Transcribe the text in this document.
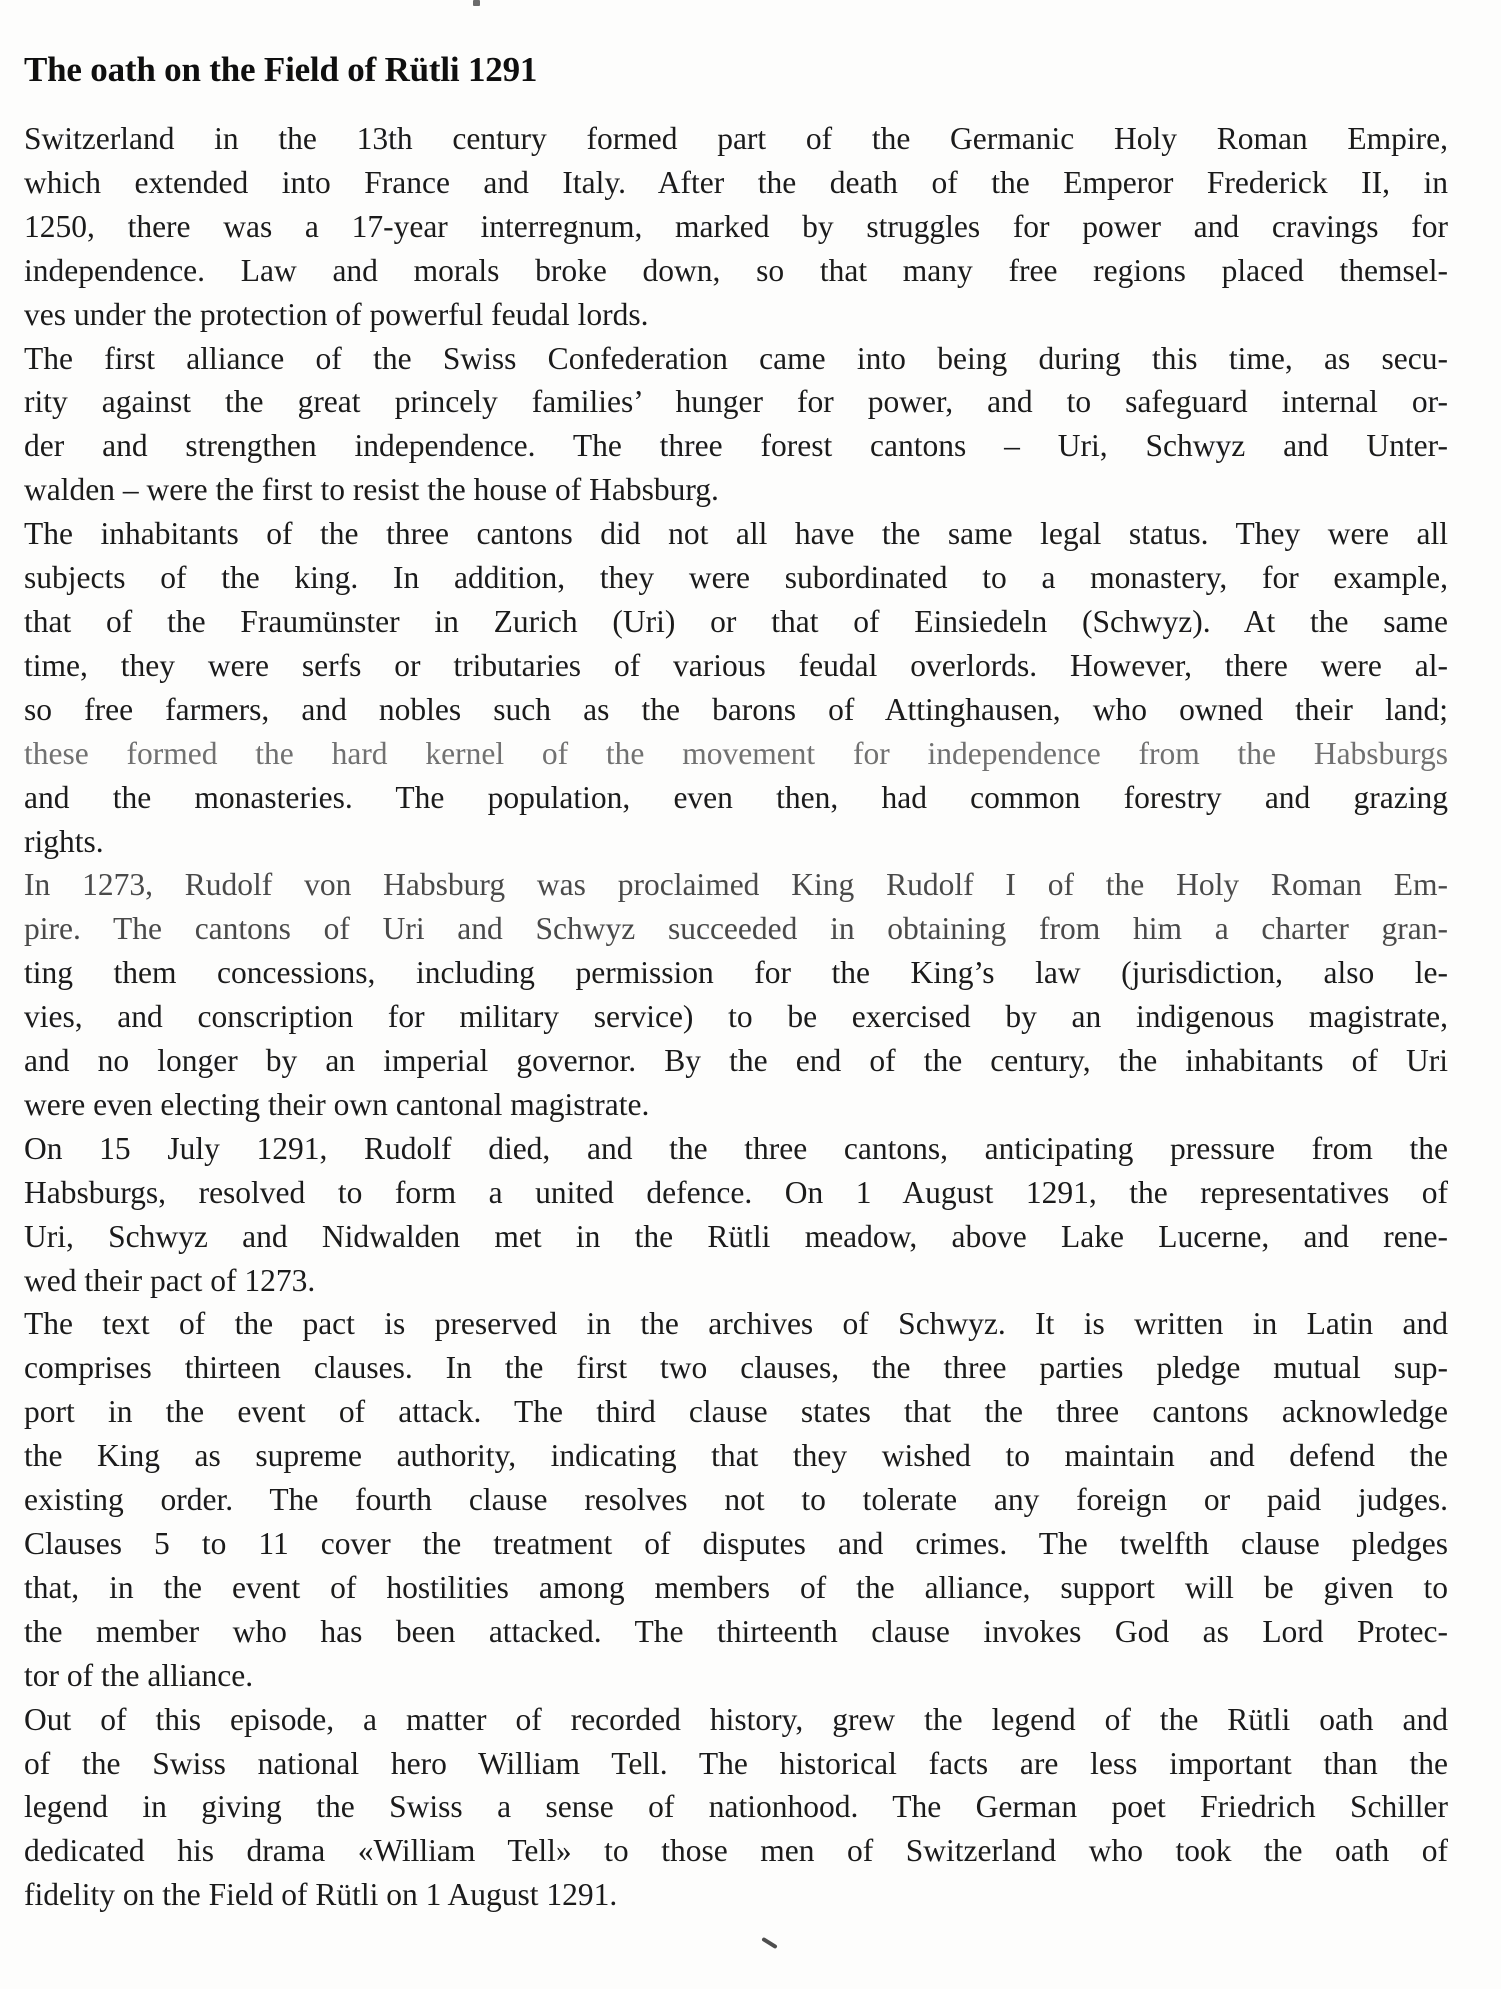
The oath on the Field of Rütli 1291
Switzerland in the 13th century formed part of the Germanic Holy Roman Empire,
which extended into France and Italy. After the death of the Emperor Frederick II, in
1250, there was a 17-year interregnum, marked by struggles for power and cravings for
independence. Law and morals broke down, so that many free regions placed themsel-
ves under the protection of powerful feudal lords.
The first alliance of the Swiss Confederation came into being during this time, as secu-
rity against the great princely families’ hunger for power, and to safeguard internal or-
der and strengthen independence. The three forest cantons – Uri, Schwyz and Unter-
walden – were the first to resist the house of Habsburg.
The inhabitants of the three cantons did not all have the same legal status. They were all
subjects of the king. In addition, they were subordinated to a monastery, for example,
that of the Fraumünster in Zurich (Uri) or that of Einsiedeln (Schwyz). At the same
time, they were serfs or tributaries of various feudal overlords. However, there were al-
so free farmers, and nobles such as the barons of Attinghausen, who owned their land;
these formed the hard kernel of the movement for independence from the Habsburgs
and the monasteries. The population, even then, had common forestry and grazing
rights.
In 1273, Rudolf von Habsburg was proclaimed King Rudolf I of the Holy Roman Em-
pire. The cantons of Uri and Schwyz succeeded in obtaining from him a charter gran-
ting them concessions, including permission for the King’s law (jurisdiction, also le-
vies, and conscription for military service) to be exercised by an indigenous magistrate,
and no longer by an imperial governor. By the end of the century, the inhabitants of Uri
were even electing their own cantonal magistrate.
On 15 July 1291, Rudolf died, and the three cantons, anticipating pressure from the
Habsburgs, resolved to form a united defence. On 1 August 1291, the representatives of
Uri, Schwyz and Nidwalden met in the Rütli meadow, above Lake Lucerne, and rene-
wed their pact of 1273.
The text of the pact is preserved in the archives of Schwyz. It is written in Latin and
comprises thirteen clauses. In the first two clauses, the three parties pledge mutual sup-
port in the event of attack. The third clause states that the three cantons acknowledge
the King as supreme authority, indicating that they wished to maintain and defend the
existing order. The fourth clause resolves not to tolerate any foreign or paid judges.
Clauses 5 to 11 cover the treatment of disputes and crimes. The twelfth clause pledges
that, in the event of hostilities among members of the alliance, support will be given to
the member who has been attacked. The thirteenth clause invokes God as Lord Protec-
tor of the alliance.
Out of this episode, a matter of recorded history, grew the legend of the Rütli oath and
of the Swiss national hero William Tell. The historical facts are less important than the
legend in giving the Swiss a sense of nationhood. The German poet Friedrich Schiller
dedicated his drama «William Tell» to those men of Switzerland who took the oath of
fidelity on the Field of Rütli on 1 August 1291.
